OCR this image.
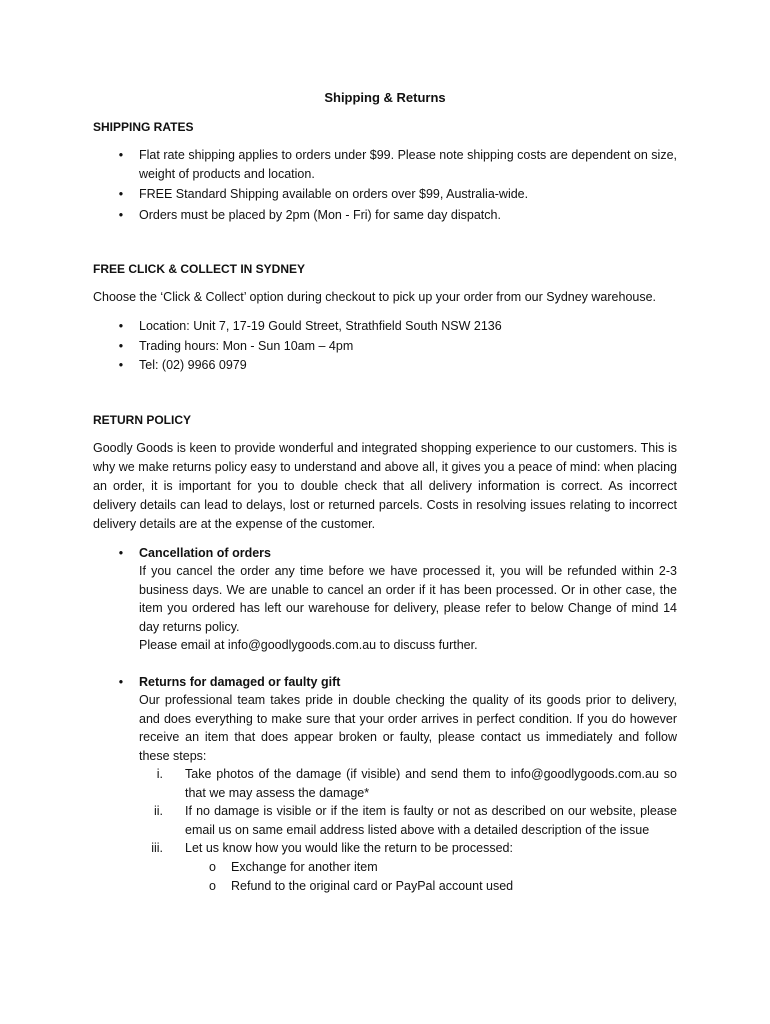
Shipping & Returns
SHIPPING RATES
• Flat rate shipping applies to orders under $99. Please note shipping costs are dependent on size, weight of products and location.
• FREE Standard Shipping available on orders over $99, Australia-wide.
• Orders must be placed by 2pm (Mon - Fri) for same day dispatch.
FREE CLICK & COLLECT IN SYDNEY

Choose the ‘Click & Collect’ option during checkout to pick up your order from our Sydney warehouse.

• Location: Unit 7, 17-19 Gould Street, Strathfield South NSW 2136
• Trading hours: Mon - Sun 10am – 4pm
• Tel: (02) 9966 0979
RETURN POLICY

Goodly Goods is keen to provide wonderful and integrated shopping experience to our customers. This is why we make returns policy easy to understand and above all, it gives you a peace of mind: when placing an order, it is important for you to double check that all delivery information is correct. As incorrect delivery details can lead to delays, lost or returned parcels. Costs in resolving issues relating to incorrect delivery details are at the expense of the customer.

• Cancellation of orders
If you cancel the order any time before we have processed it, you will be refunded within 2-3 business days. We are unable to cancel an order if it has been processed. Or in other case, the item you ordered has left our warehouse for delivery, please refer to below Change of mind 14 day returns policy.
Please email at info@goodlygoods.com.au to discuss further.
• Returns for damaged or faulty gift
Our professional team takes pride in double checking the quality of its goods prior to delivery, and does everything to make sure that your order arrives in perfect condition. If you do however receive an item that does appear broken or faulty, please contact us immediately and follow these steps:
i. Take photos of the damage (if visible) and send them to info@goodlygoods.com.au so that we may assess the damage*
ii. If no damage is visible or if the item is faulty or not as described on our website, please email us on same email address listed above with a detailed description of the issue
iii. Let us know how you would like the return to be processed:
o Exchange for another item
o Refund to the original card or PayPal account used
